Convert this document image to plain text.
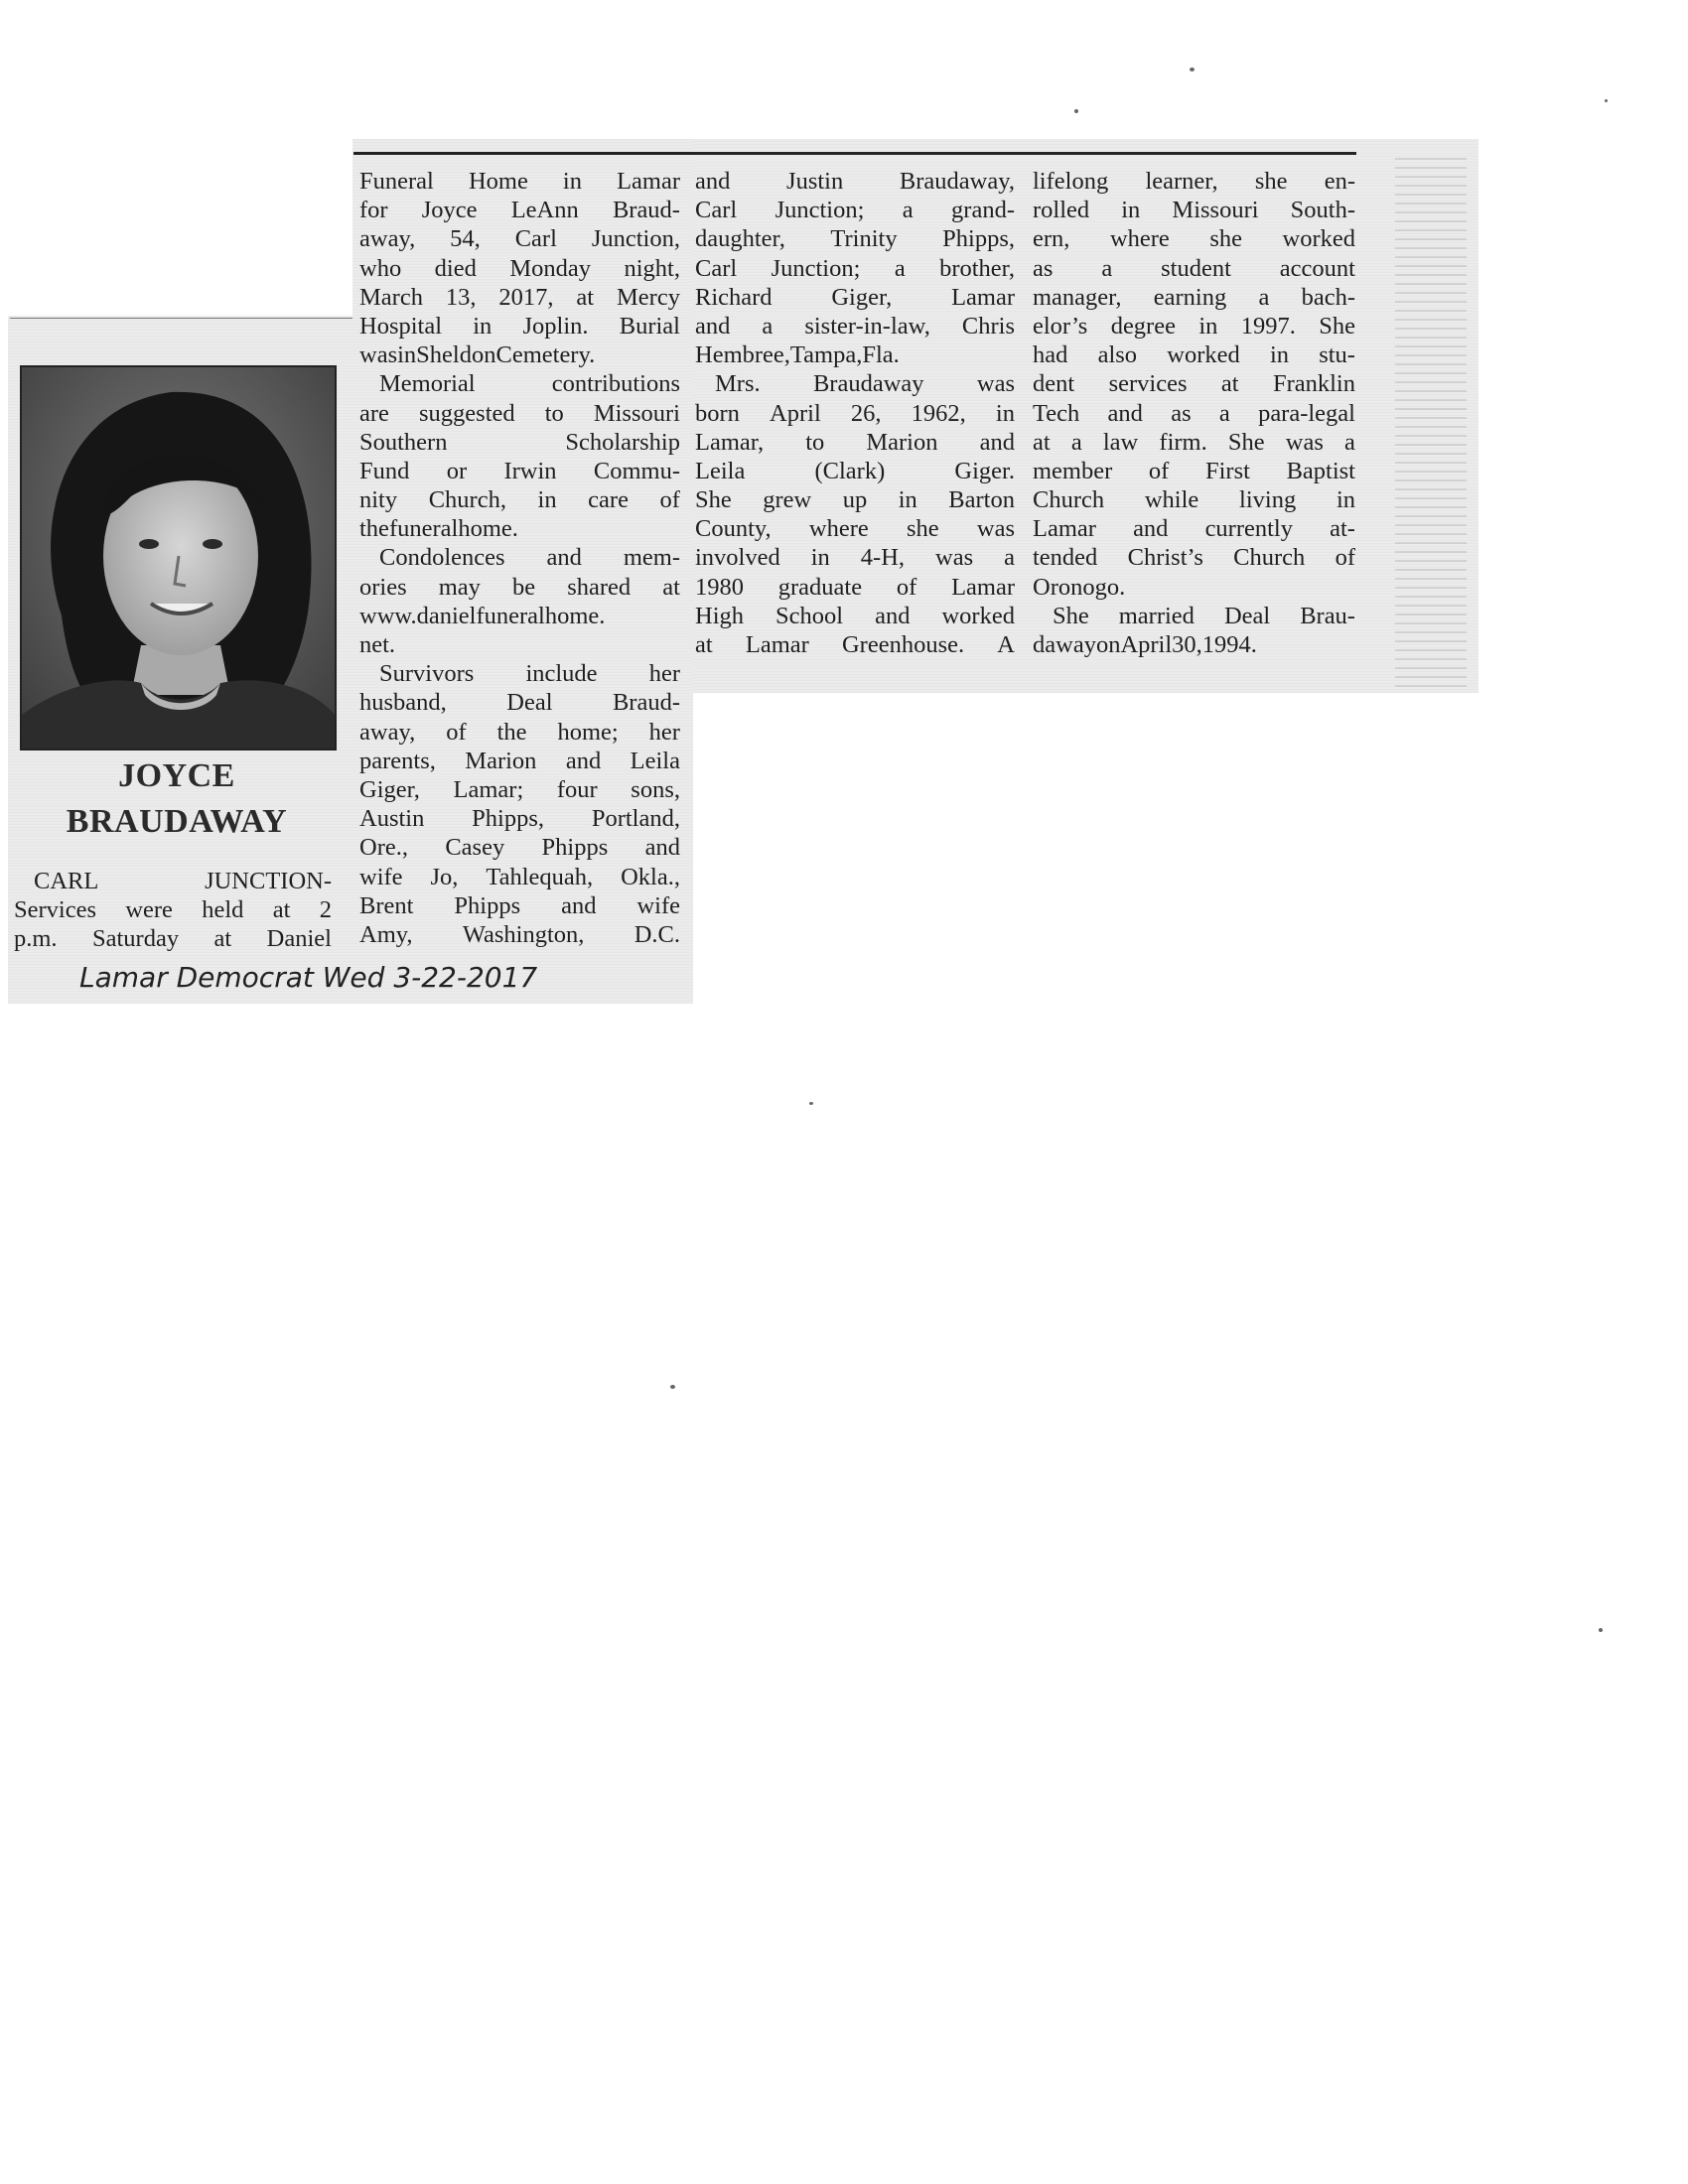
JOYCE
BRAUDAWAY
CARL	JUNCTION-
Services were held at 2
p.m. Saturday at Daniel
Funeral Home in Lamar
for Joyce LeAnn Braud-
away, 54, Carl Junction,
who died Monday night,
March 13, 2017, at Mercy
Hospital in Joplin. Burial
was in Sheldon Cemetery.
Memorial	contributions
are suggested to Missouri
Southern	Scholarship
Fund or Irwin Commu-
nity Church, in care of
the funeral home.
Condolences and mem-
ories may be shared at
www.danielfuneralhome.
net.
Survivors include her
husband, Deal Braud-
away, of the home; her
parents, Marion and Leila
Giger, Lamar; four sons,
Austin Phipps, Portland,
Ore., Casey Phipps and
wife Jo, Tahlequah, Okla.,
Brent Phipps and wife
Amy, Washington, D.C.
and Justin Braudaway,
Carl Junction; a grand-
daughter, Trinity Phipps,
Carl Junction; a brother,
Richard Giger, Lamar
and a sister-in-law, Chris
Hembree, Tampa, Fla.
Mrs. Braudaway was
born April 26, 1962, in
Lamar, to Marion and
Leila	(Clark)	Giger.
She grew up in Barton
County, where she was
involved in 4-H, was a
1980 graduate of Lamar
High School and worked
at Lamar Greenhouse. A
lifelong learner, she en-
rolled in Missouri South-
ern, where she worked
as a student account
manager, earning a bach-
elor’s degree in 1997. She
had also worked in stu-
dent services at Franklin
Tech and as a para-legal
at a law firm. She was a
member of First Baptist
Church while living in
Lamar and currently at-
tended Christ’s Church of
Oronogo.
She married Deal Brau-
daway on April 30, 1994.
Lamar Democrat Wed 3-22-2017
